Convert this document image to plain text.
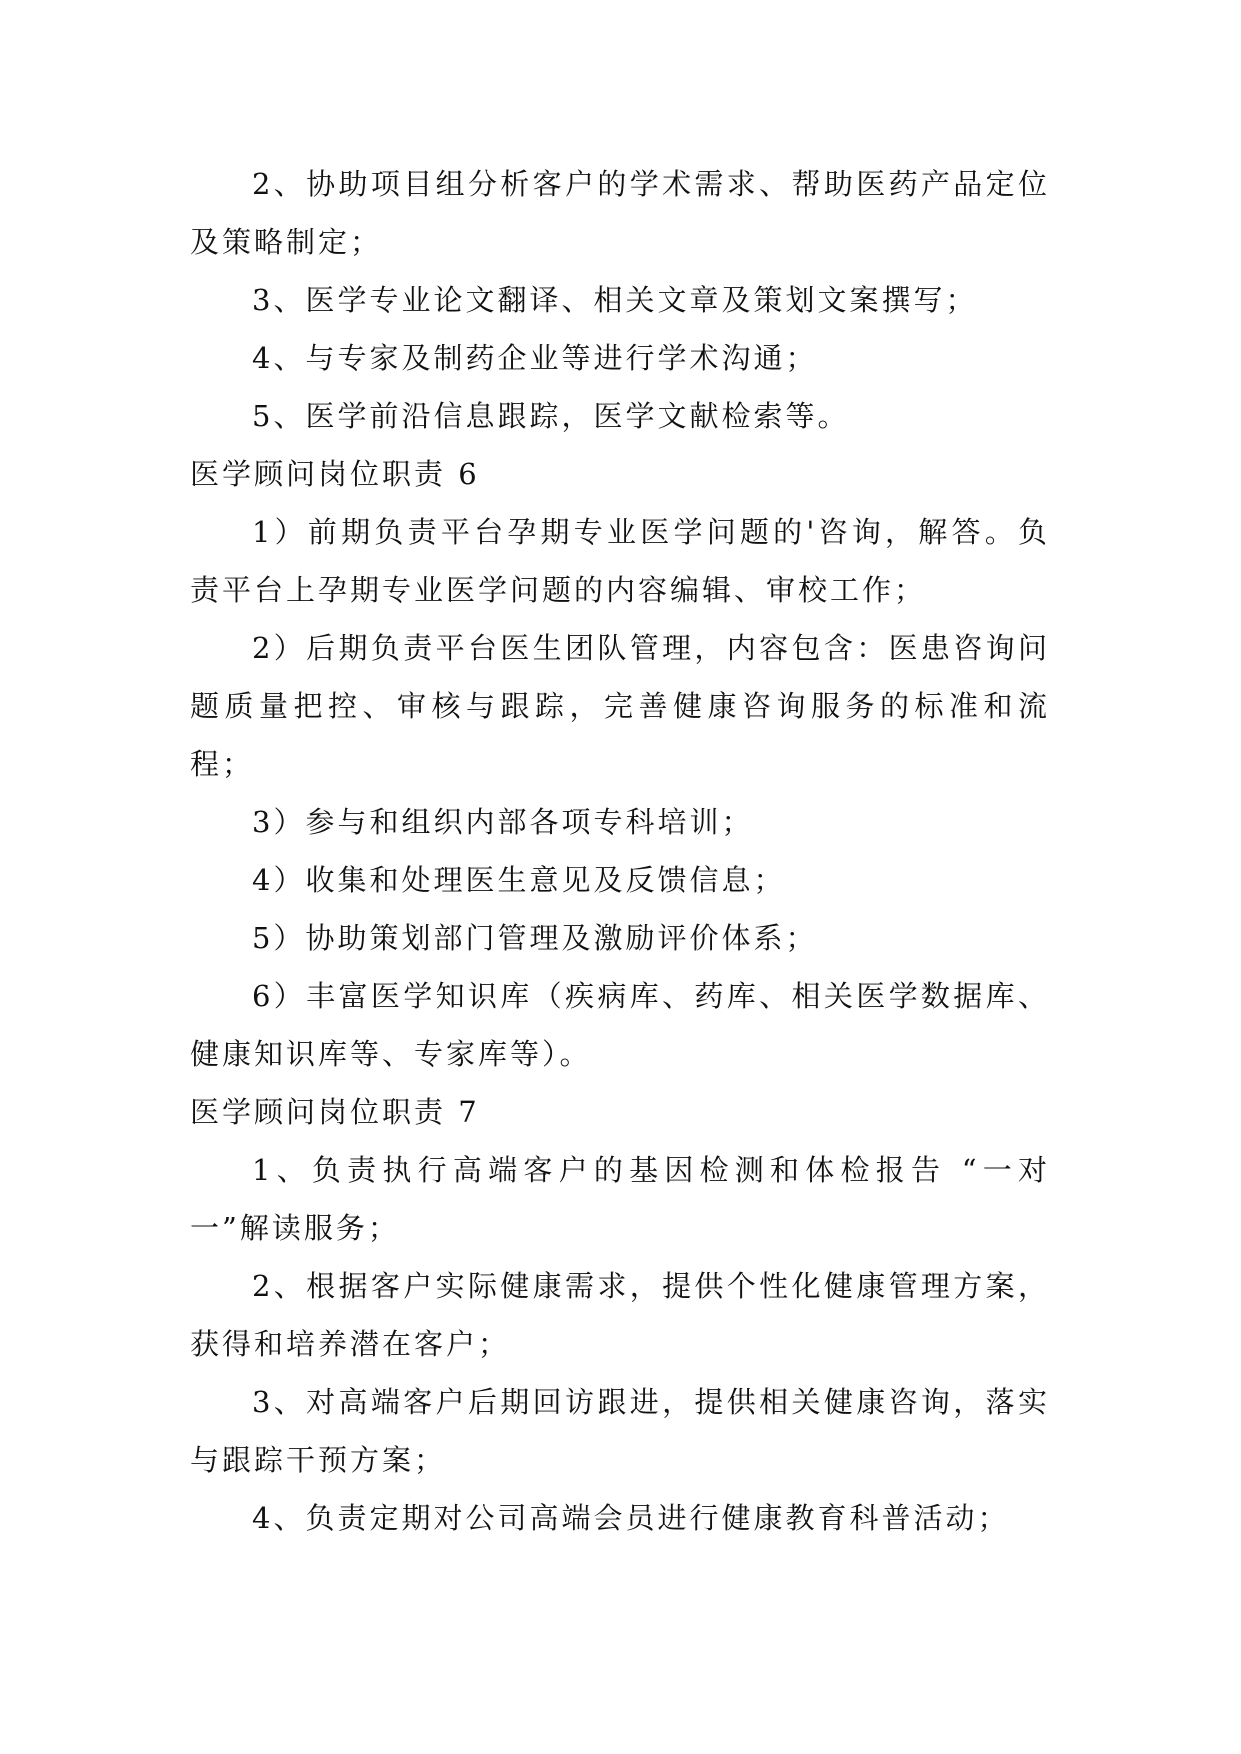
2、协助项目组分析客户的学术需求、帮助医药产品定位及策略制定；

3、医学专业论文翻译、相关文章及策划文案撰写；

4、与专家及制药企业等进行学术沟通；

5、医学前沿信息跟踪，医学文献检索等。

医学顾问岗位职责 6

1）前期负责平台孕期专业医学问题的'咨询，解答。负责平台上孕期专业医学问题的内容编辑、审校工作；

2）后期负责平台医生团队管理，内容包含：医患咨询问题质量把控、审核与跟踪，完善健康咨询服务的标准和流程；

3）参与和组织内部各项专科培训；

4）收集和处理医生意见及反馈信息；

5）协助策划部门管理及激励评价体系；

6）丰富医学知识库（疾病库、药库、相关医学数据库、健康知识库等、专家库等）。

医学顾问岗位职责 7

1、负责执行高端客户的基因检测和体检报告 “一对一”解读服务；

2、根据客户实际健康需求，提供个性化健康管理方案，获得和培养潜在客户；

3、对高端客户后期回访跟进，提供相关健康咨询，落实与跟踪干预方案；

4、负责定期对公司高端会员进行健康教育科普活动；
